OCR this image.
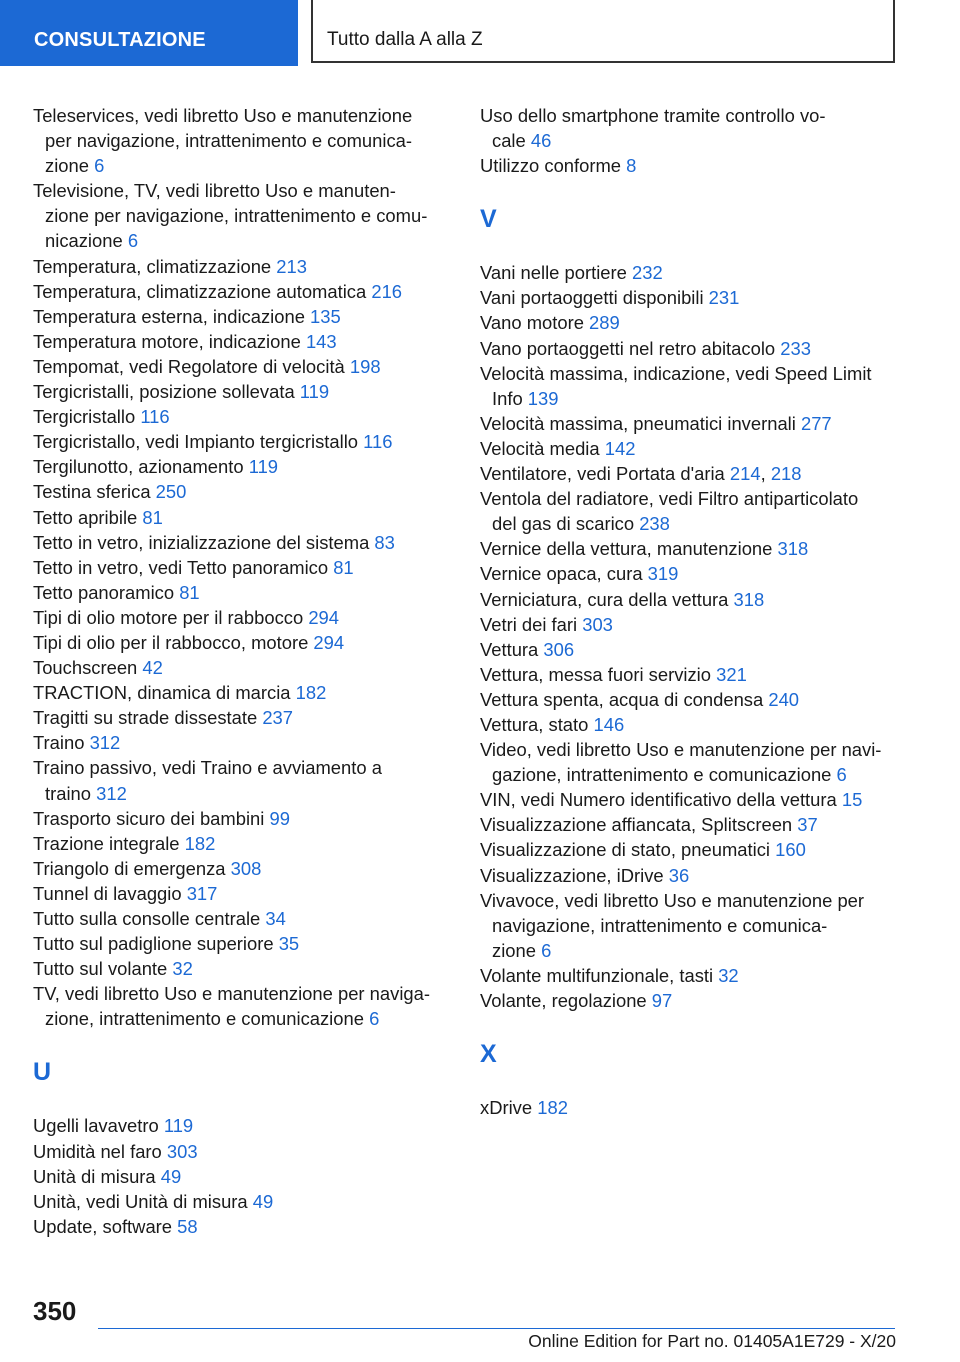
CONSULTAZIONE	Tutto dalla A alla Z
Teleservices, vedi libretto Uso e manutenzione
per navigazione, intrattenimento e comunica-
zione 6
Televisione, TV, vedi libretto Uso e manuten-
zione per navigazione, intrattenimento e comu-
nicazione 6
Temperatura, climatizzazione 213
Temperatura, climatizzazione automatica 216
Temperatura esterna, indicazione 135
Temperatura motore, indicazione 143
Tempomat, vedi Regolatore di velocità 198
Tergicristalli, posizione sollevata 119
Tergicristallo 116
Tergicristallo, vedi Impianto tergicristallo 116
Tergilunotto, azionamento 119
Testina sferica 250
Tetto apribile 81
Tetto in vetro, inizializzazione del sistema 83
Tetto in vetro, vedi Tetto panoramico 81
Tetto panoramico 81
Tipi di olio motore per il rabbocco 294
Tipi di olio per il rabbocco, motore 294
Touchscreen 42
TRACTION, dinamica di marcia 182
Tragitti su strade dissestate 237
Traino 312
Traino passivo, vedi Traino e avviamento a
traino 312
Trasporto sicuro dei bambini 99
Trazione integrale 182
Triangolo di emergenza 308
Tunnel di lavaggio 317
Tutto sulla consolle centrale 34
Tutto sul padiglione superiore 35
Tutto sul volante 32
TV, vedi libretto Uso e manutenzione per naviga-
zione, intrattenimento e comunicazione 6
U
Ugelli lavavetro 119
Umidità nel faro 303
Unità di misura 49
Unità, vedi Unità di misura 49
Update, software 58
Uso dello smartphone tramite controllo vo-
cale 46
Utilizzo conforme 8
V
Vani nelle portiere 232
Vani portaoggetti disponibili 231
Vano motore 289
Vano portaoggetti nel retro abitacolo 233
Velocità massima, indicazione, vedi Speed Limit
Info 139
Velocità massima, pneumatici invernali 277
Velocità media 142
Ventilatore, vedi Portata d'aria 214, 218
Ventola del radiatore, vedi Filtro antiparticolato
del gas di scarico 238
Vernice della vettura, manutenzione 318
Vernice opaca, cura 319
Verniciatura, cura della vettura 318
Vetri dei fari 303
Vettura 306
Vettura, messa fuori servizio 321
Vettura spenta, acqua di condensa 240
Vettura, stato 146
Video, vedi libretto Uso e manutenzione per navi-
gazione, intrattenimento e comunicazione 6
VIN, vedi Numero identificativo della vettura 15
Visualizzazione affiancata, Splitscreen 37
Visualizzazione di stato, pneumatici 160
Visualizzazione, iDrive 36
Vivavoce, vedi libretto Uso e manutenzione per
navigazione, intrattenimento e comunica-
zione 6
Volante multifunzionale, tasti 32
Volante, regolazione 97
X
xDrive 182
350
Online Edition for Part no. 01405A1E729 - X/20
